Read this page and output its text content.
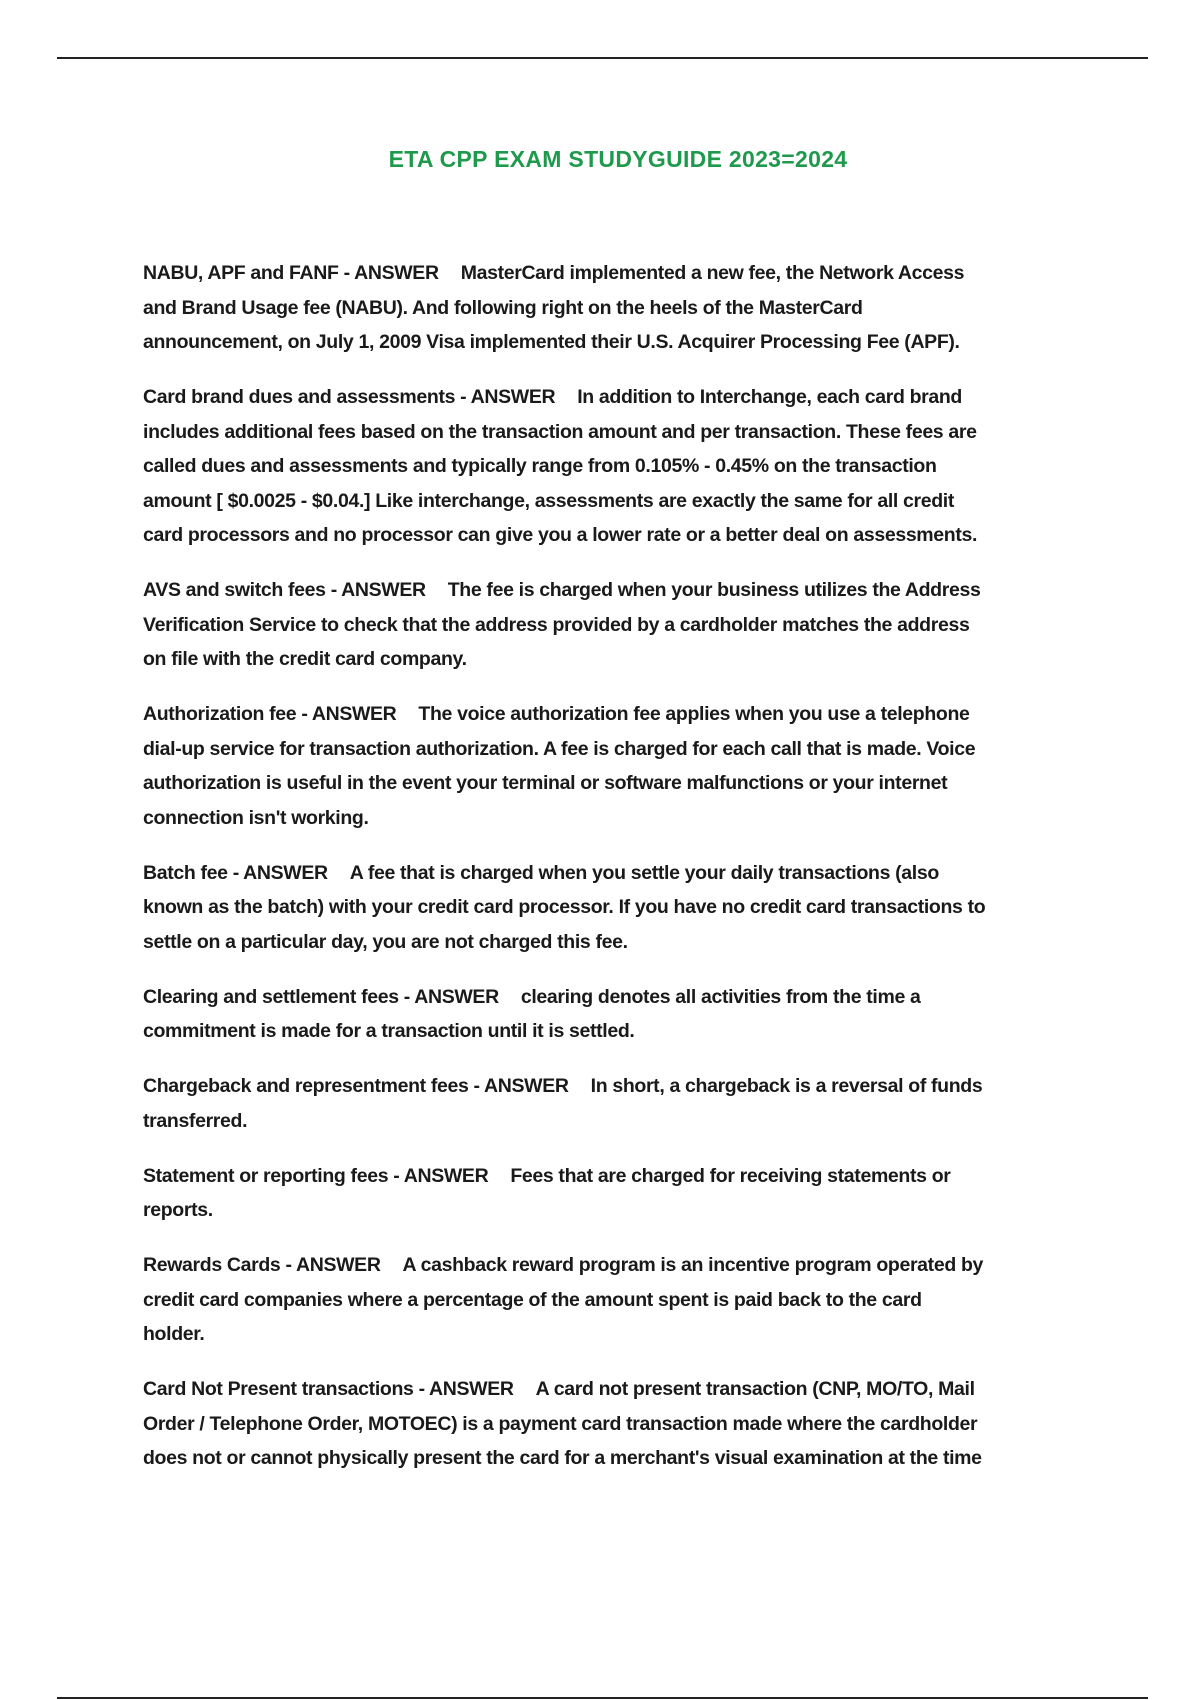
ETA CPP EXAM STUDYGUIDE 2023=2024
NABU, APF and FANF - ANSWER MasterCard implemented a new fee, the Network Access
and Brand Usage fee (NABU). And following right on the heels of the MasterCard
announcement, on July 1, 2009 Visa implemented their U.S. Acquirer Processing Fee (APF).
Card brand dues and assessments - ANSWER In addition to Interchange, each card brand
includes additional fees based on the transaction amount and per transaction. These fees are
called dues and assessments and typically range from 0.105% - 0.45% on the transaction
amount [ $0.0025 - $0.04.] Like interchange, assessments are exactly the same for all credit
card processors and no processor can give you a lower rate or a better deal on assessments.
AVS and switch fees - ANSWER The fee is charged when your business utilizes the Address
Verification Service to check that the address provided by a cardholder matches the address
on file with the credit card company.
Authorization fee - ANSWER The voice authorization fee applies when you use a telephone
dial-up service for transaction authorization. A fee is charged for each call that is made. Voice
authorization is useful in the event your terminal or software malfunctions or your internet
connection isn't working.
Batch fee - ANSWER A fee that is charged when you settle your daily transactions (also
known as the batch) with your credit card processor. If you have no credit card transactions to
settle on a particular day, you are not charged this fee.
Clearing and settlement fees - ANSWER clearing denotes all activities from the time a
commitment is made for a transaction until it is settled.
Chargeback and representment fees - ANSWER In short, a chargeback is a reversal of funds
transferred.
Statement or reporting fees - ANSWER Fees that are charged for receiving statements or
reports.
Rewards Cards - ANSWER A cashback reward program is an incentive program operated by
credit card companies where a percentage of the amount spent is paid back to the card
holder.
Card Not Present transactions - ANSWER A card not present transaction (CNP, MO/TO, Mail
Order / Telephone Order, MOTOEC) is a payment card transaction made where the cardholder
does not or cannot physically present the card for a merchant's visual examination at the time
